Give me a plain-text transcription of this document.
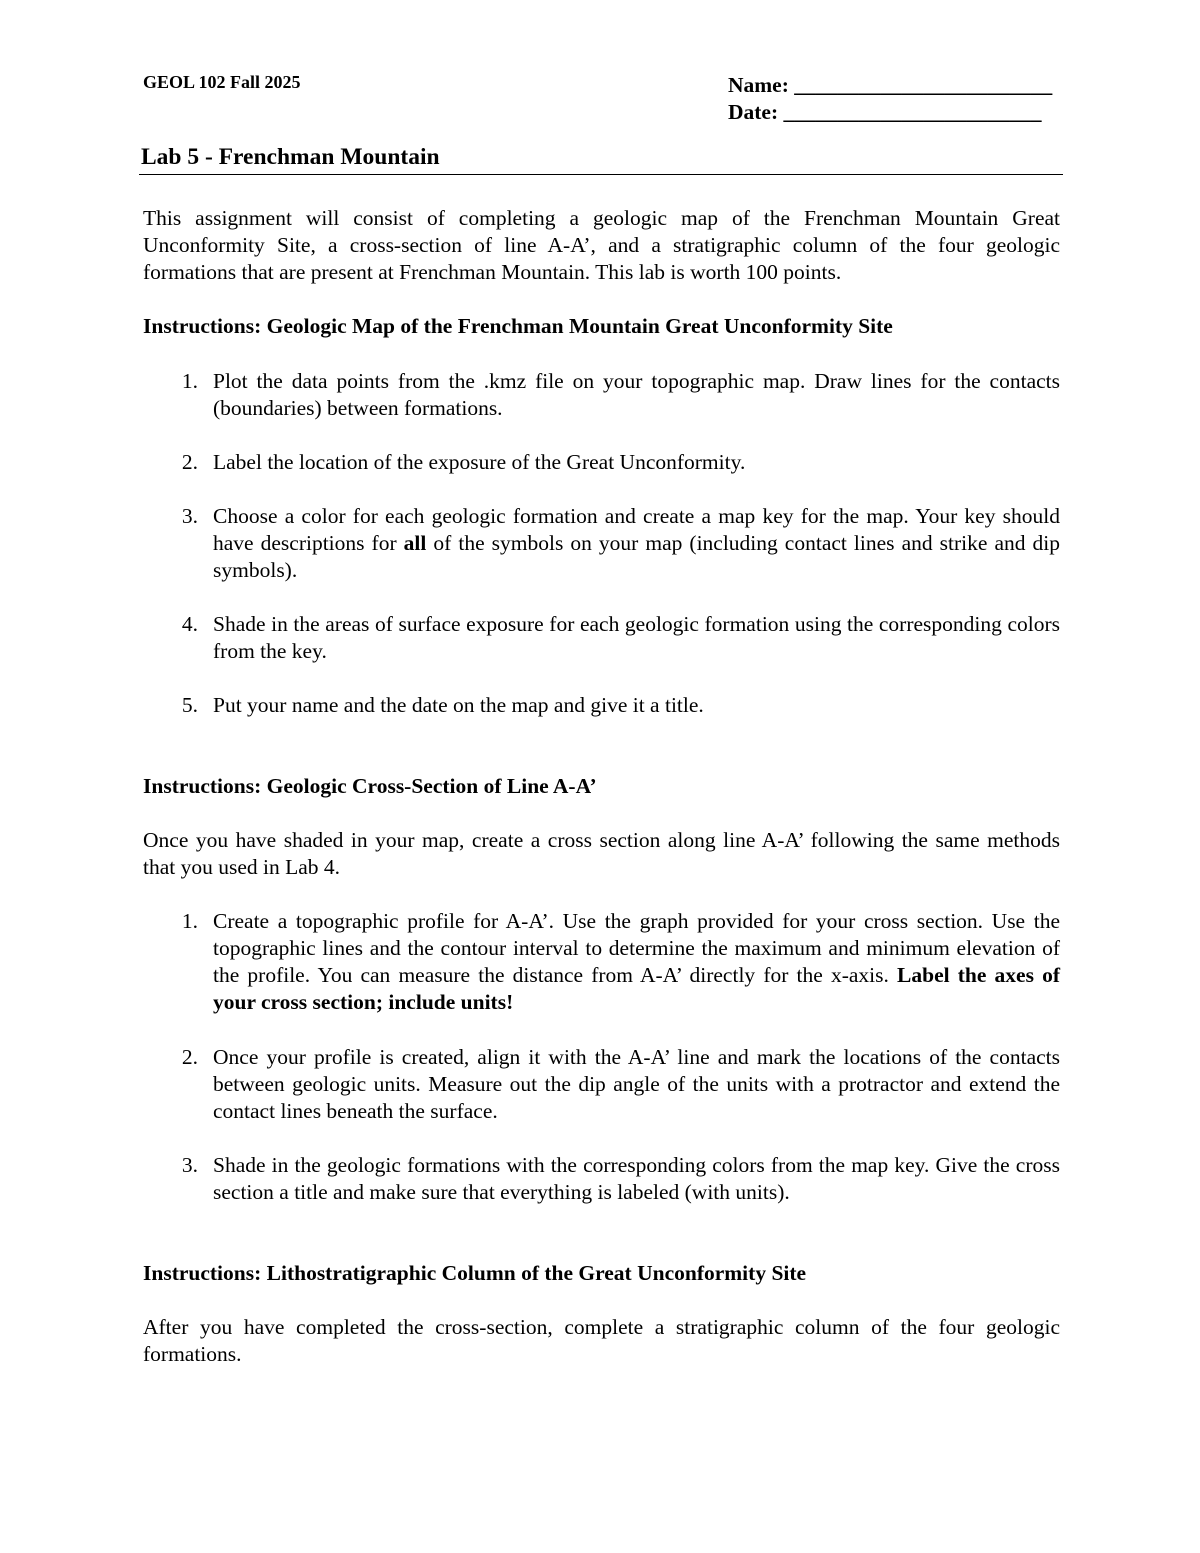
GEOL 102 Fall 2025	Name: ________________________
Date: ________________________
Lab 5 - Frenchman Mountain
This assignment will consist of completing a geologic map of the Frenchman Mountain Great Unconformity Site, a cross-section of line A-A’, and a stratigraphic column of the four geologic formations that are present at Frenchman Mountain. This lab is worth 100 points.
Instructions: Geologic Map of the Frenchman Mountain Great Unconformity Site
1. Plot the data points from the .kmz file on your topographic map. Draw lines for the contacts (boundaries) between formations.
2. Label the location of the exposure of the Great Unconformity.
3. Choose a color for each geologic formation and create a map key for the map. Your key should have descriptions for all of the symbols on your map (including contact lines and strike and dip symbols).
4. Shade in the areas of surface exposure for each geologic formation using the corresponding colors from the key.
5. Put your name and the date on the map and give it a title.
Instructions: Geologic Cross-Section of Line A-A’
Once you have shaded in your map, create a cross section along line A-A’ following the same methods that you used in Lab 4.
1. Create a topographic profile for A-A’. Use the graph provided for your cross section. Use the topographic lines and the contour interval to determine the maximum and minimum elevation of the profile. You can measure the distance from A-A’ directly for the x-axis. Label the axes of your cross section; include units!
2. Once your profile is created, align it with the A-A’ line and mark the locations of the contacts between geologic units. Measure out the dip angle of the units with a protractor and extend the contact lines beneath the surface.
3. Shade in the geologic formations with the corresponding colors from the map key. Give the cross section a title and make sure that everything is labeled (with units).
Instructions: Lithostratigraphic Column of the Great Unconformity Site
After you have completed the cross-section, complete a stratigraphic column of the four geologic formations.
